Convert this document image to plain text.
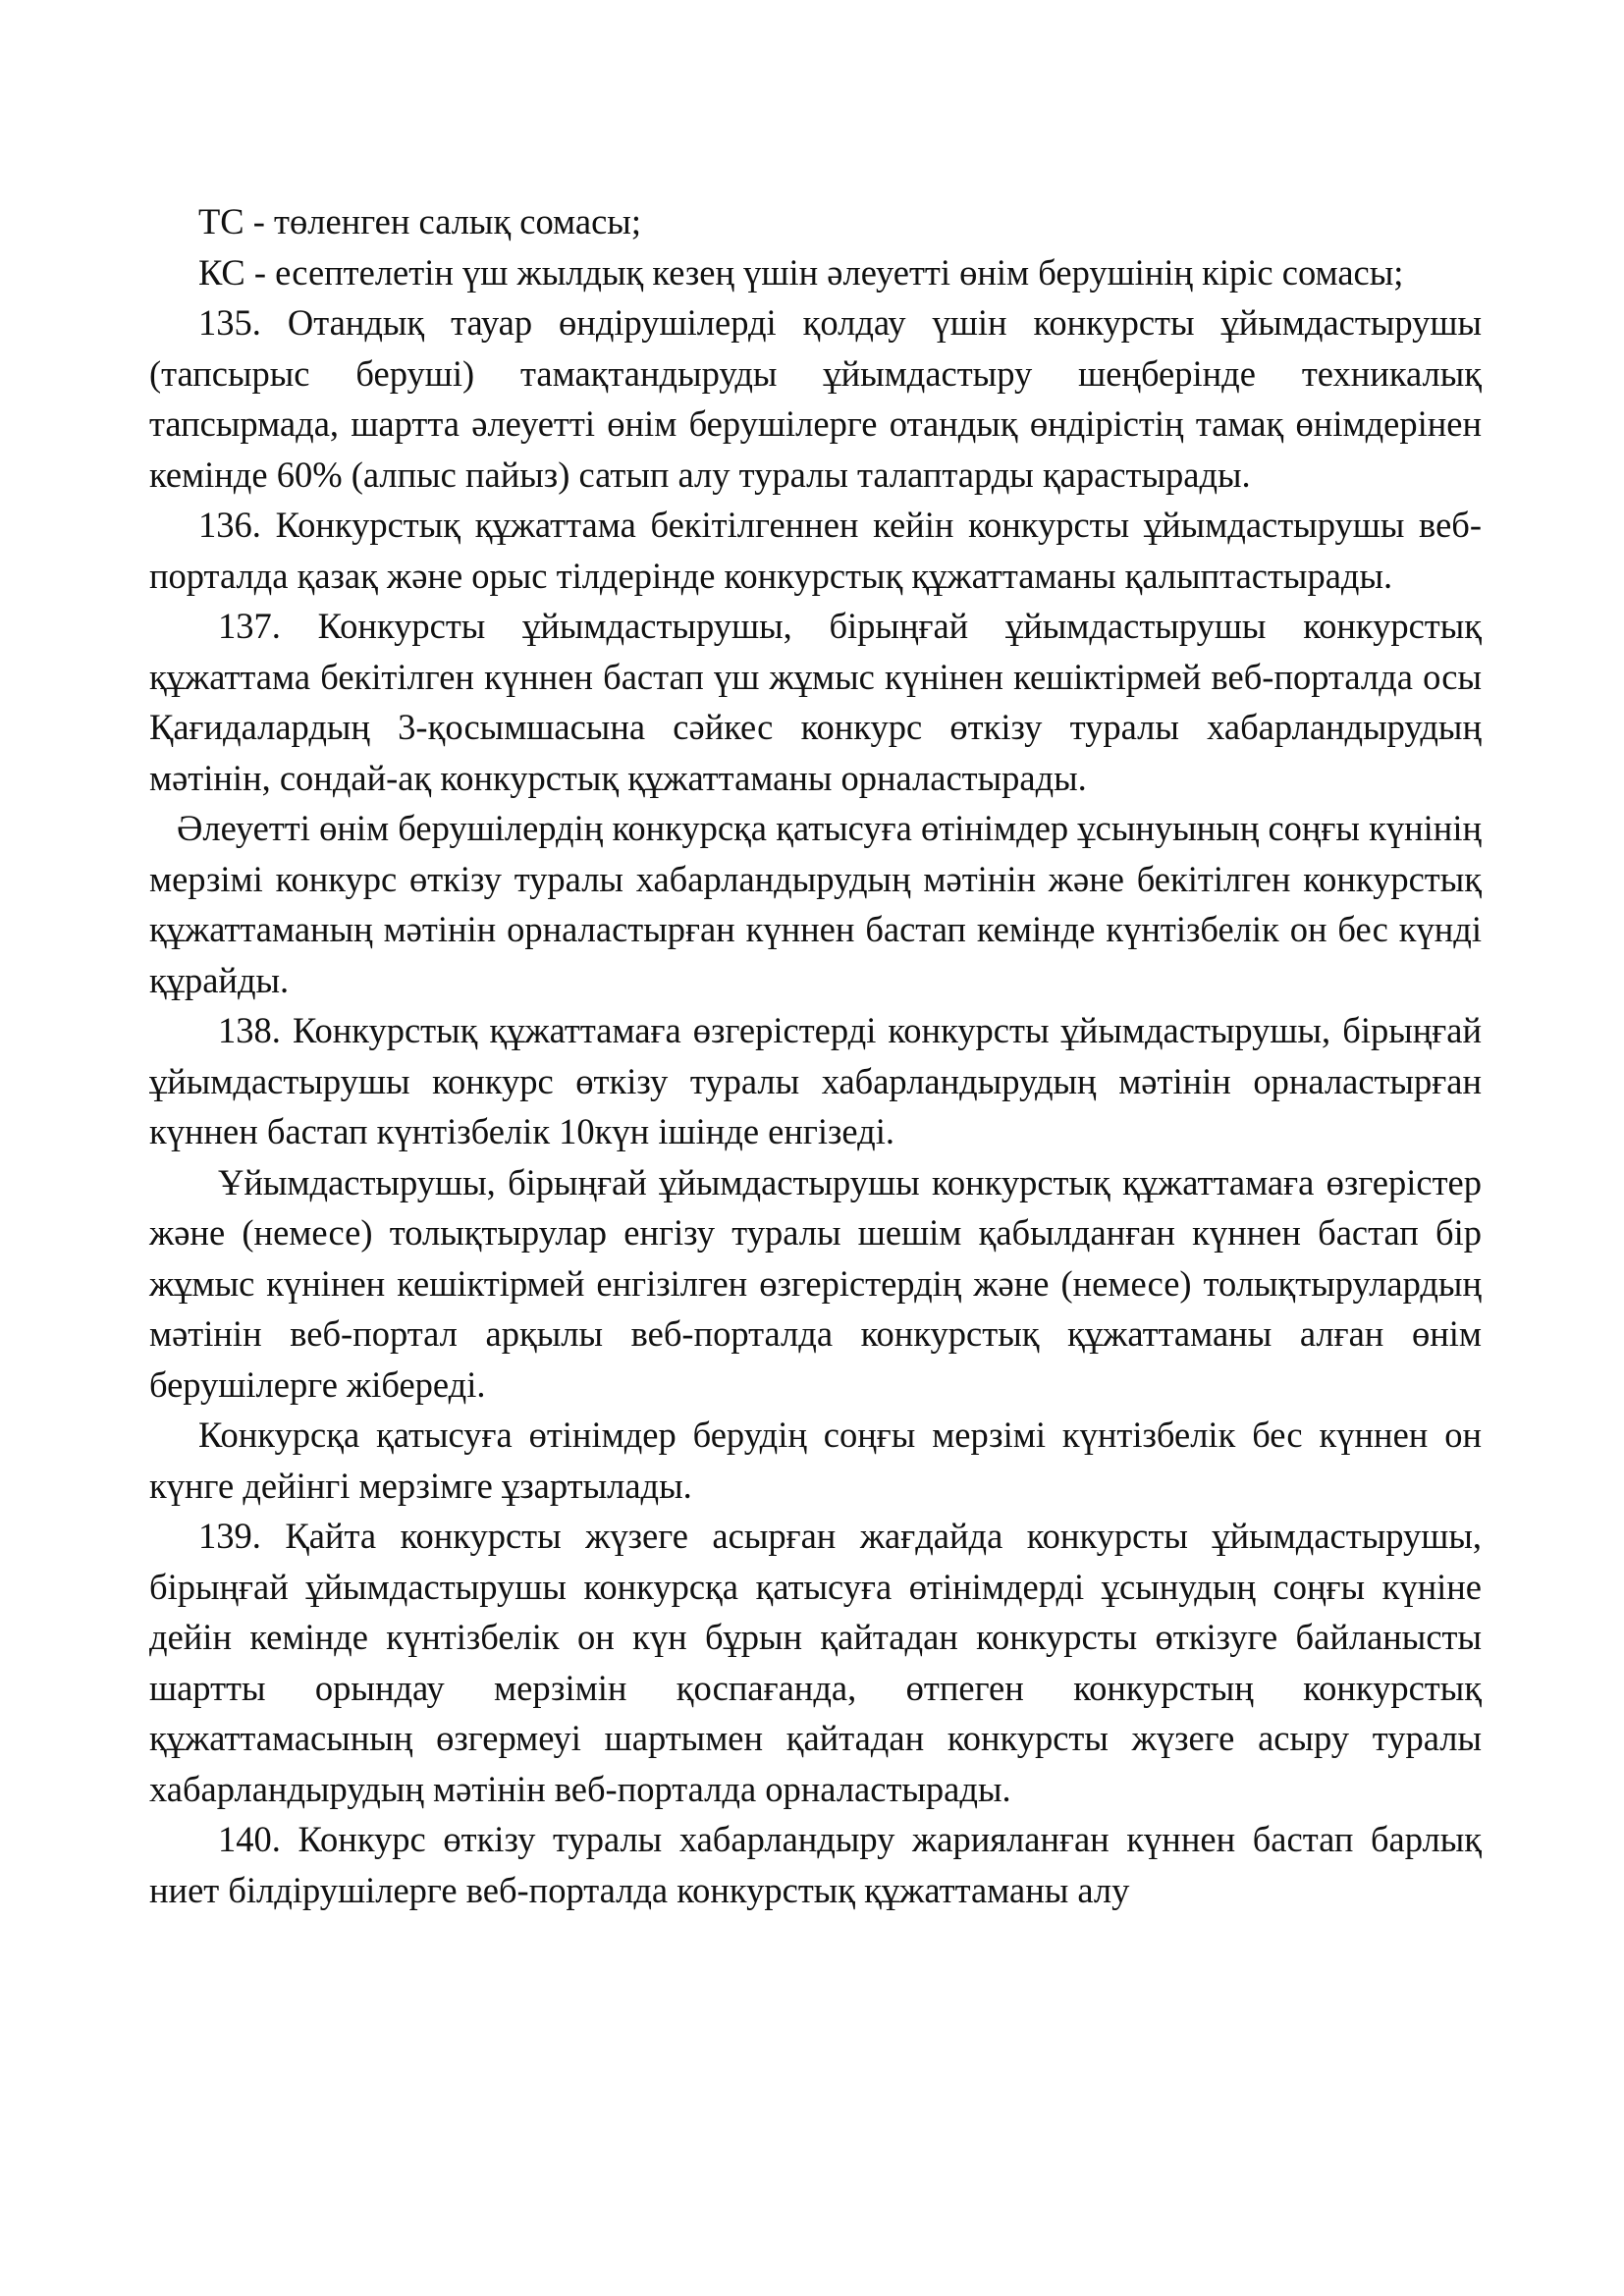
ТС - төленген салық сомасы;

КС - есептелетін үш жылдық кезең үшін әлеуетті өнім берушінің кіріс сомасы;

135. Отандық тауар өндірушілерді қолдау үшін конкурсты ұйымдастырушы (тапсырыс беруші) тамақтандыруды ұйымдастыру шеңберінде техникалық тапсырмада, шартта әлеуетті өнім берушілерге отандық өндірістің тамақ өнімдерінен кемінде 60% (алпыс пайыз) сатып алу туралы талаптарды қарастырады.

136. Конкурстық құжаттама бекітілгеннен кейін конкурсты ұйымдастырушы веб-порталда қазақ және орыс тілдерінде конкурстық құжаттаманы қалыптастырады.

137. Конкурсты ұйымдастырушы, бірыңғай ұйымдастырушы конкурстық құжаттама бекітілген күннен бастап үш жұмыс күнінен кешіктірмей веб-порталда осы Қағидалардың 3-қосымшасына сәйкес конкурс өткізу туралы хабарландырудың мәтінін, сондай-ақ конкурстық құжаттаманы орналастырады.

Әлеуетті өнім берушілердің конкурсқа қатысуға өтінімдер ұсынуының соңғы күнінің мерзімі конкурс өткізу туралы хабарландырудың мәтінін және бекітілген конкурстық құжаттаманың мәтінін орналастырған күннен бастап кемінде күнтізбелік он бес күнді құрайды.

138. Конкурстық құжаттамаға өзгерістерді конкурсты ұйымдастырушы, бірыңғай ұйымдастырушы конкурс өткізу туралы хабарландырудың мәтінін орналастырған күннен бастап күнтізбелік 10күн ішінде енгізеді.

Ұйымдастырушы, бірыңғай ұйымдастырушы конкурстық құжаттамаға өзгерістер және (немесе) толықтырулар енгізу туралы шешім қабылданған күннен бастап бір жұмыс күнінен кешіктірмей енгізілген өзгерістердің және (немесе) толықтырулардың мәтінін веб-портал арқылы веб-порталда конкурстық құжаттаманы алған өнім берушілерге жібереді.

Конкурсқа қатысуға өтінімдер берудің соңғы мерзімі күнтізбелік бес күннен он күнге дейінгі мерзімге ұзартылады.

139. Қайта конкурсты жүзеге асырған жағдайда конкурсты ұйымдастырушы, бірыңғай ұйымдастырушы конкурсқа қатысуға өтінімдерді ұсынудың соңғы күніне дейін кемінде күнтізбелік он күн бұрын қайтадан конкурсты өткізуге байланысты шартты орындау мерзімін қоспағанда, өтпеген конкурстың конкурстық құжаттамасының өзгермеуі шартымен қайтадан конкурсты жүзеге асыру туралы хабарландырудың мәтінін веб-порталда орналастырады.

140. Конкурс өткізу туралы хабарландыру жарияланған күннен бастап барлық ниет білдірушілерге веб-порталда конкурстық құжаттаманы алу
